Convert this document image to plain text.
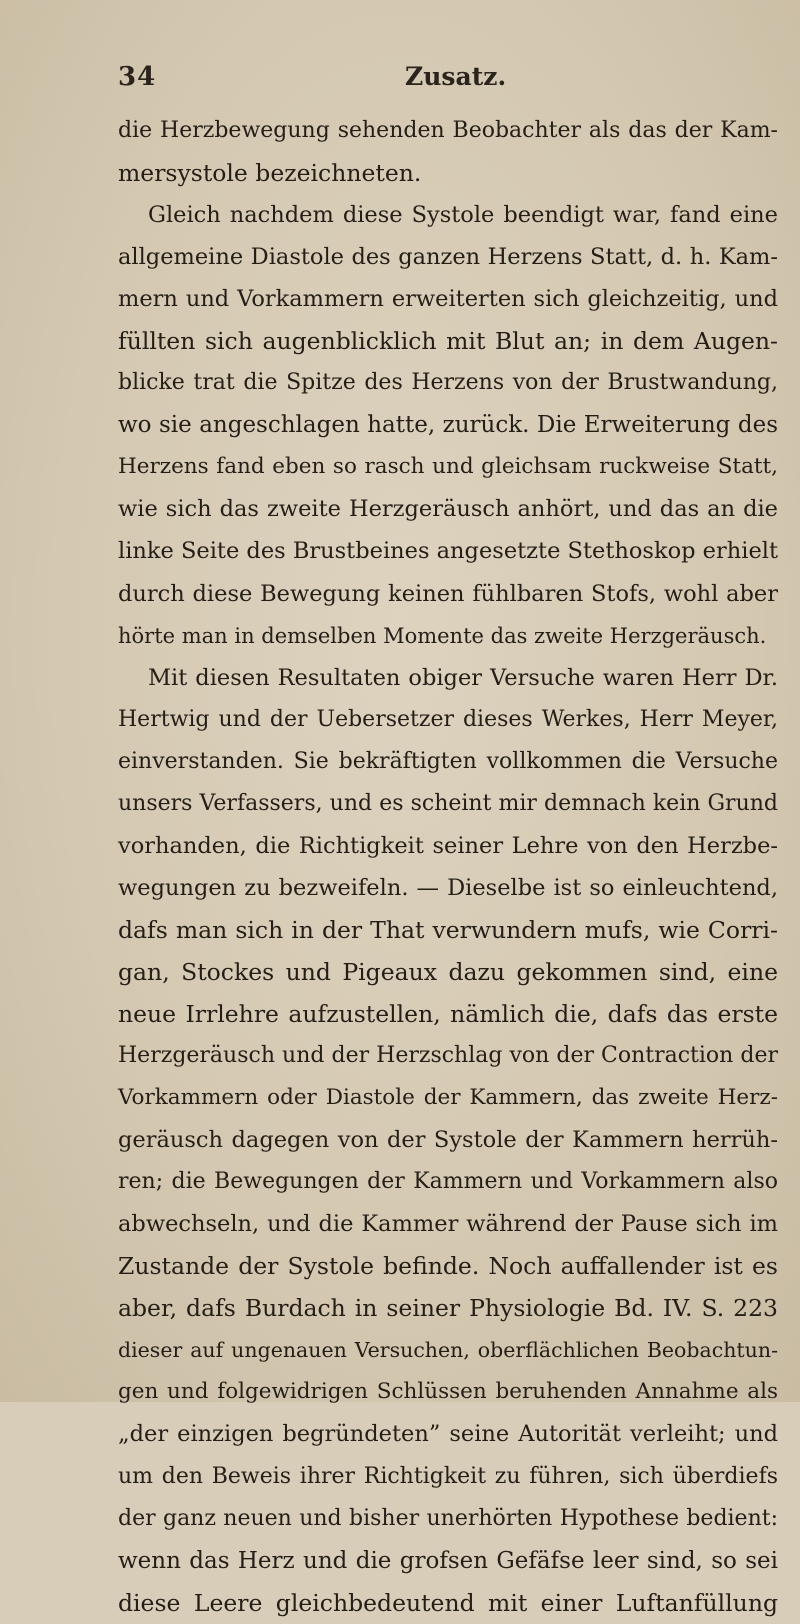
34	Zusatz.
die Herzbewegung sehenden Beobachter als das der Kam-
mersystole bezeichneten.
Gleich nachdem diese Systole beendigt war, fand eine
allgemeine Diastole des ganzen Herzens Statt, d. h. Kam-
mern und Vorkammern erweiterten sich gleichzeitig, und
füllten sich augenblicklich mit Blut an; in dem Augen-
blicke trat die Spitze des Herzens von der Brustwandung,
wo sie angeschlagen hatte, zurück. Die Erweiterung des
Herzens fand eben so rasch und gleichsam ruckweise Statt,
wie sich das zweite Herzgeräusch anhört, und das an die
linke Seite des Brustbeines angesetzte Stethoskop erhielt
durch diese Bewegung keinen fühlbaren Stofs, wohl aber
hörte man in demselben Momente das zweite Herzgeräusch.
Mit diesen Resultaten obiger Versuche waren Herr Dr.
Hertwig und der Uebersetzer dieses Werkes, Herr Meyer,
einverstanden. Sie bekräftigten vollkommen die Versuche
unsers Verfassers, und es scheint mir demnach kein Grund
vorhanden, die Richtigkeit seiner Lehre von den Herzbe-
wegungen zu bezweifeln. — Dieselbe ist so einleuchtend,
dafs man sich in der That verwundern mufs, wie Corri-
gan, Stockes und Pigeaux dazu gekommen sind, eine
neue Irrlehre aufzustellen, nämlich die, dafs das erste
Herzgeräusch und der Herzschlag von der Contraction der
Vorkammern oder Diastole der Kammern, das zweite Herz-
geräusch dagegen von der Systole der Kammern herrüh-
ren; die Bewegungen der Kammern und Vorkammern also
abwechseln, und die Kammer während der Pause sich im
Zustande der Systole befinde. Noch auffallender ist es
aber, dafs Burdach in seiner Physiologie Bd. IV. S. 223
dieser auf ungenauen Versuchen, oberflächlichen Beobachtun-
gen und folgewidrigen Schlüssen beruhenden Annahme als
„der einzigen begründeten” seine Autorität verleiht; und
um den Beweis ihrer Richtigkeit zu führen, sich überdiefs
der ganz neuen und bisher unerhörten Hypothese bedient:
wenn das Herz und die grofsen Gefäfse leer sind, so sei
diese Leere gleichbedeutend mit einer Luftanfüllung
